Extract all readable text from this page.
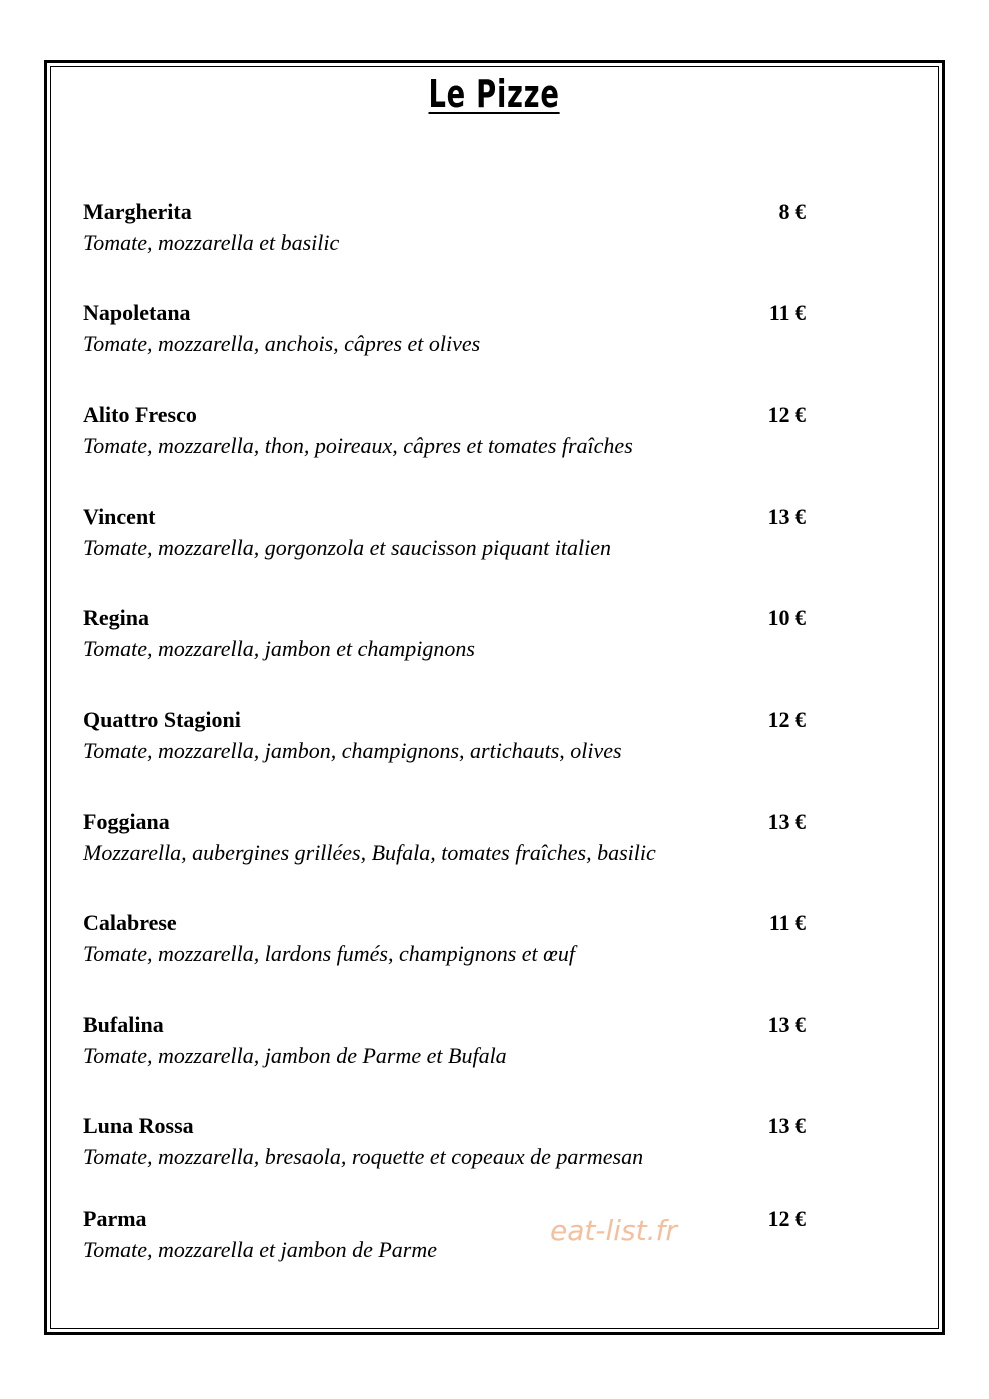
Le Pizze
Margherita	8 €
Tomate, mozzarella et basilic
Napoletana	11 €
Tomate, mozzarella, anchois, câpres et olives
Alito Fresco	12 €
Tomate, mozzarella, thon, poireaux, câpres et tomates fraîches
Vincent	13 €
Tomate, mozzarella, gorgonzola et saucisson piquant italien
Regina	10 €
Tomate, mozzarella, jambon et champignons
Quattro Stagioni	12 €
Tomate, mozzarella, jambon, champignons, artichauts, olives
Foggiana	13 €
Mozzarella, aubergines grillées, Bufala, tomates fraîches, basilic
Calabrese	11 €
Tomate, mozzarella, lardons fumés, champignons et œuf
Bufalina	13 €
Tomate, mozzarella, jambon de Parme et Bufala
Luna Rossa	13 €
Tomate, mozzarella, bresaola, roquette et copeaux de parmesan
Parma	12 €
Tomate, mozzarella et jambon de Parme
eat-list.fr
